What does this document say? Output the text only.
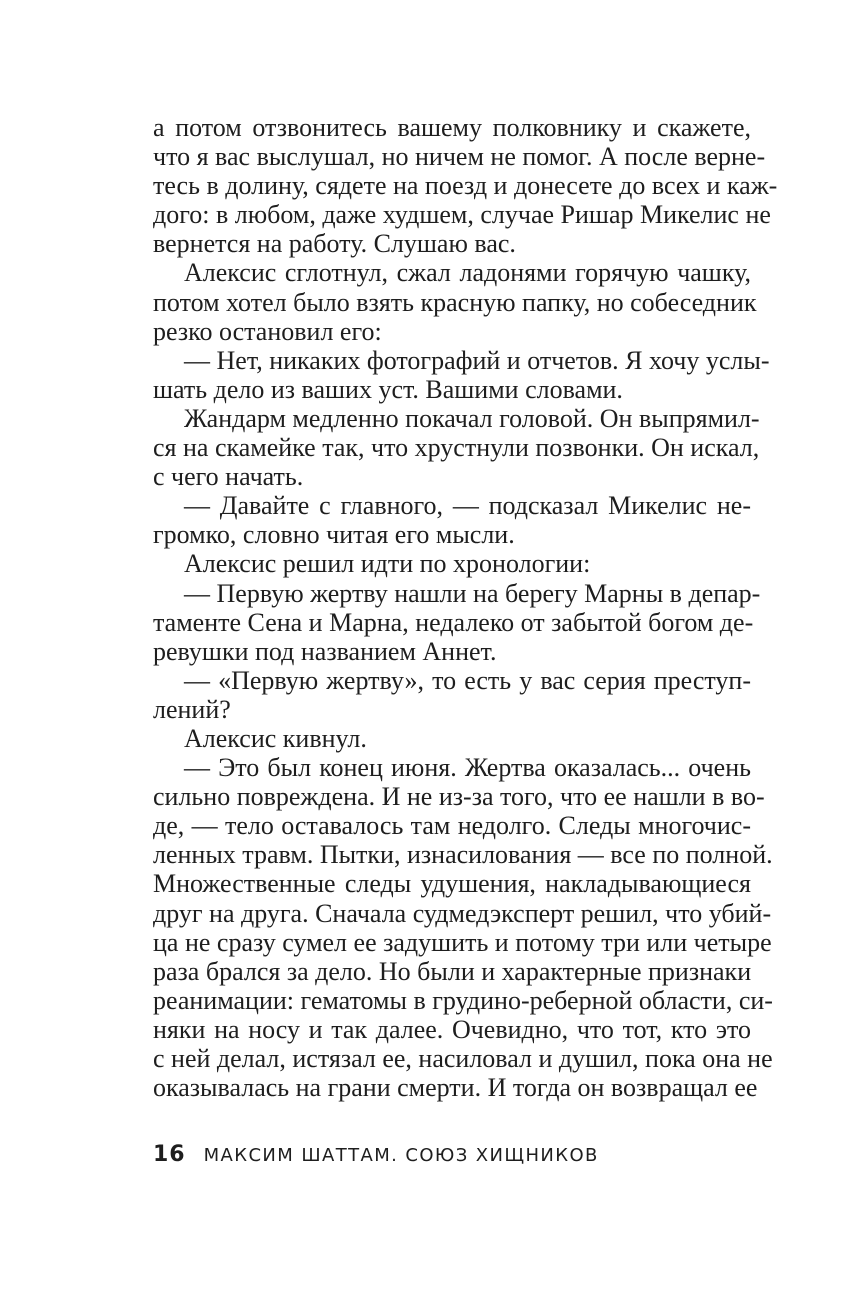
а потом отзвонитесь вашему полковнику и скажете,
что я вас выслушал, но ничем не помог. А после верне-
тесь в долину, сядете на поезд и донесете до всех и каж-
дого: в любом, даже худшем, случае Ришар Микелис не
вернется на работу. Слушаю вас.
Алексис сглотнул, сжал ладонями горячую чашку,
потом хотел было взять красную папку, но собеседник
резко остановил его:
— Нет, никаких фотографий и отчетов. Я хочу услы-
шать дело из ваших уст. Вашими словами.
Жандарм медленно покачал головой. Он выпрямил-
ся на скамейке так, что хрустнули позвонки. Он искал,
с чего начать.
— Давайте с главного, — подсказал Микелис не-
громко, словно читая его мысли.
Алексис решил идти по хронологии:
— Первую жертву нашли на берегу Марны в депар-
таменте Сена и Марна, недалеко от забытой богом де-
ревушки под названием Аннет.
— «Первую жертву», то есть у вас серия преступ-
лений?
Алексис кивнул.
— Это был конец июня. Жертва оказалась... очень
сильно повреждена. И не из-за того, что ее нашли в во-
де, — тело оставалось там недолго. Следы многочис-
ленных травм. Пытки, изнасилования — все по полной.
Множественные следы удушения, накладывающиеся
друг на друга. Сначала судмедэксперт решил, что убий-
ца не сразу сумел ее задушить и потому три или четыре
раза брался за дело. Но были и характерные признаки
реанимации: гематомы в грудино-реберной области, си-
няки на носу и так далее. Очевидно, что тот, кто это
с ней делал, истязал ее, насиловал и душил, пока она не
оказывалась на грани смерти. И тогда он возвращал ее
16 МАКСИМ ШАТТАМ. СОЮЗ ХИЩНИКОВ
